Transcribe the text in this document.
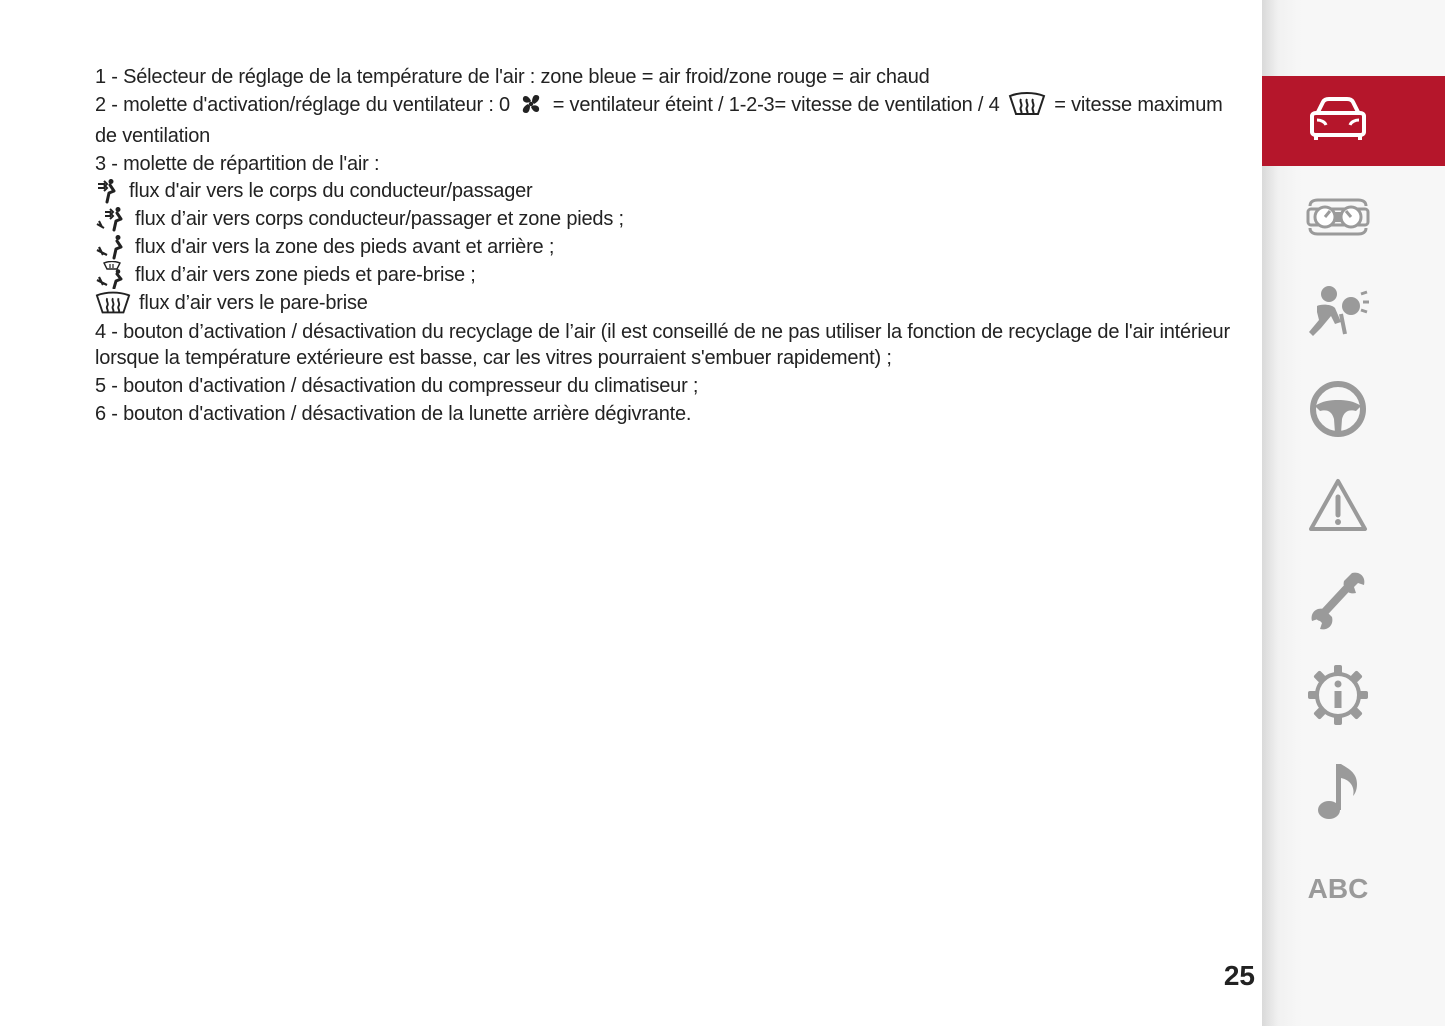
1 - Sélecteur de réglage de la température de l'air : zone bleue = air froid/zone rouge = air chaud
2 - molette d'activation/réglage du ventilateur : 0 = ventilateur éteint / 1-2-3= vitesse de ventilation / 4	= vitesse maximum de ventilation
3 - molette de répartition de l'air :
flux d'air vers le corps du conducteur/passager
flux d’air vers corps conducteur/passager et zone pieds ;
flux d'air vers la zone des pieds avant et arrière ;
flux d’air vers zone pieds et pare-brise ;
flux d’air vers le pare-brise
4 - bouton d’activation / désactivation du recyclage de l’air (il est conseillé de ne pas utiliser la fonction de recyclage de l'air intérieur lorsque la température extérieure est basse, car les vitres pourraient s'embuer rapidement) ;
5 - bouton d'activation / désactivation du compresseur du climatiseur ;
6 - bouton d'activation / désactivation de la lunette arrière dégivrante.
25
ABC
